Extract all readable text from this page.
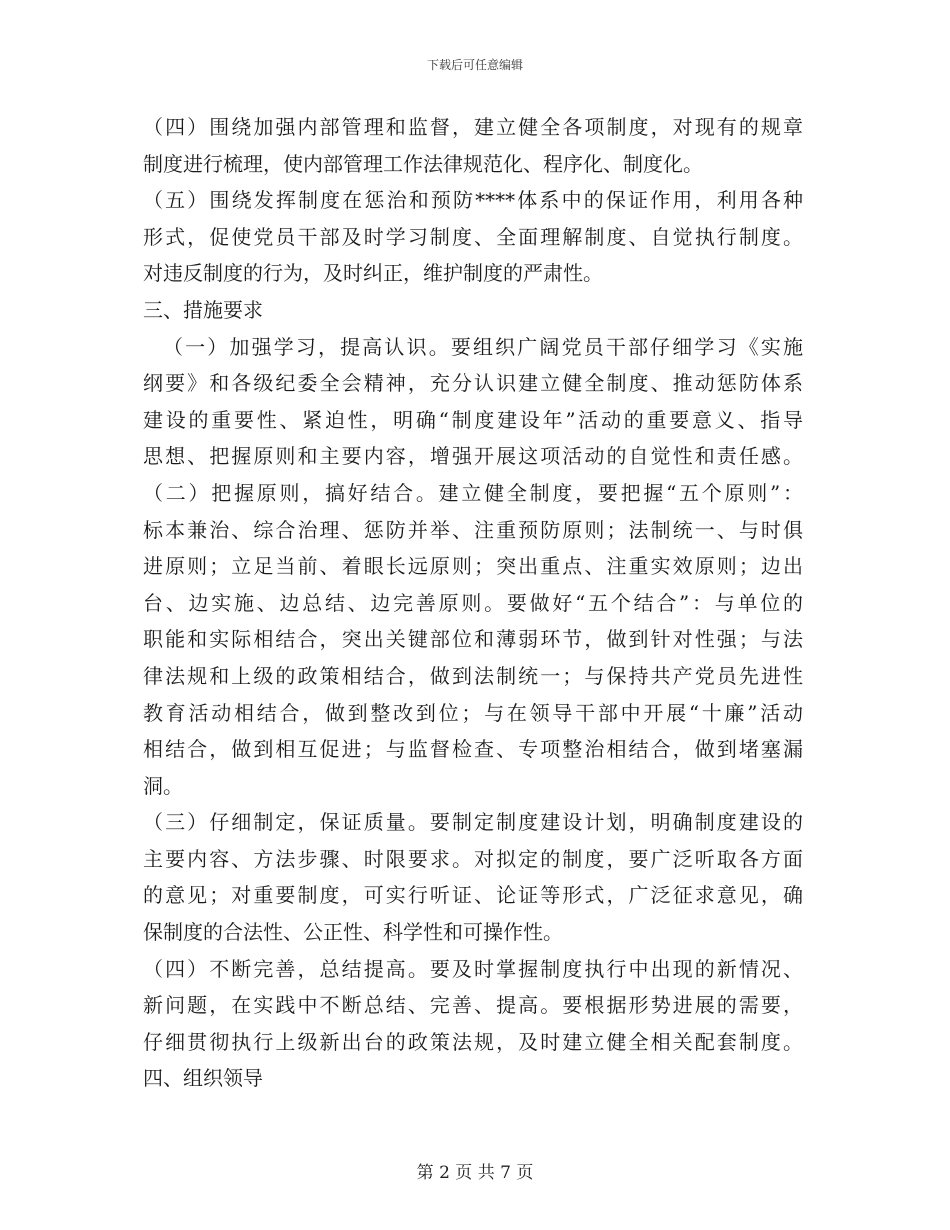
下载后可任意编辑
（四）围绕加强内部管理和监督，建立健全各项制度，对现有的规章
制度进行梳理，使内部管理工作法律规范化、程序化、制度化。
（五）围绕发挥制度在惩治和预防****体系中的保证作用，利用各种
形式，促使党员干部及时学习制度、全面理解制度、自觉执行制度。
对违反制度的行为，及时纠正，维护制度的严肃性。
三、措施要求
（一）加强学习，提高认识。要组织广阔党员干部仔细学习《实施
纲要》和各级纪委全会精神，充分认识建立健全制度、推动惩防体系
建设的重要性、紧迫性，明确“制度建设年”活动的重要意义、指导
思想、把握原则和主要内容，增强开展这项活动的自觉性和责任感。
（二）把握原则，搞好结合。建立健全制度，要把握“五个原则”：
标本兼治、综合治理、惩防并举、注重预防原则；法制统一、与时俱
进原则；立足当前、着眼长远原则；突出重点、注重实效原则；边出
台、边实施、边总结、边完善原则。要做好“五个结合”：与单位的
职能和实际相结合，突出关键部位和薄弱环节，做到针对性强；与法
律法规和上级的政策相结合，做到法制统一；与保持共产党员先进性
教育活动相结合，做到整改到位；与在领导干部中开展“十廉”活动
相结合，做到相互促进；与监督检查、专项整治相结合，做到堵塞漏
洞。
（三）仔细制定，保证质量。要制定制度建设计划，明确制度建设的
主要内容、方法步骤、时限要求。对拟定的制度，要广泛听取各方面
的意见；对重要制度，可实行听证、论证等形式，广泛征求意见，确
保制度的合法性、公正性、科学性和可操作性。
（四）不断完善，总结提高。要及时掌握制度执行中出现的新情况、
新问题，在实践中不断总结、完善、提高。要根据形势进展的需要，
仔细贯彻执行上级新出台的政策法规，及时建立健全相关配套制度。
四、组织领导
第 2 页 共 7 页
